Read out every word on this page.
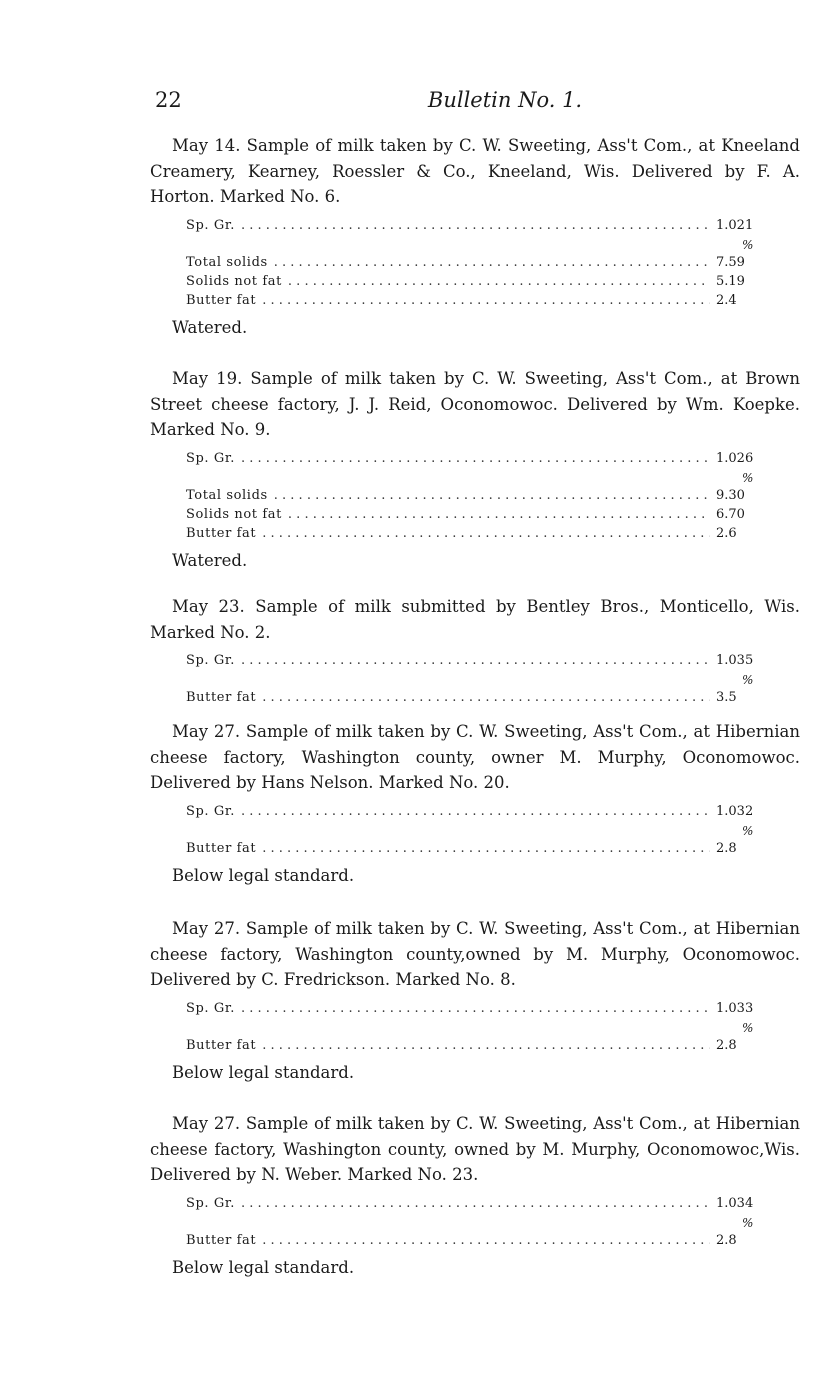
22	Bulletin No. 1.

May 14. Sample of milk taken by C. W. Sweeting, Ass't Com., at Kneeland Creamery, Kearney, Roessler & Co., Kneeland, Wis. Delivered by F. A. Horton. Marked No. 6.

Sp. Gr. . . .	1.021
%
Total solids . . .	7.59
Solids not fat . . .	5.19
Butter fat . . .	2.4
Watered.

May 19. Sample of milk taken by C. W. Sweeting, Ass't Com., at Brown Street cheese factory, J. J. Reid, Oconomowoc. Delivered by Wm. Koepke. Marked No. 9.

Sp. Gr. . . .	1.026
%
Total solids . . .	9.30
Solids not fat . . .	6.70
Butter fat . . .	2.6
Watered.

May 23. Sample of milk submitted by Bentley Bros., Monticello, Wis. Marked No. 2.

Sp. Gr. . . .	1.035
%
Butter fat . . .	3.5

May 27. Sample of milk taken by C. W. Sweeting, Ass't Com., at Hibernian cheese factory, Washington county, owner M. Murphy, Oconomowoc. Delivered by Hans Nelson. Marked No. 20.

Sp. Gr. . . .	1.032
%
Butter fat . . .	2.8
Below legal standard.

May 27. Sample of milk taken by C. W. Sweeting, Ass't Com., at Hibernian cheese factory, Washington county,owned by M. Murphy, Oconomowoc. Delivered by C. Fredrickson. Marked No. 8.

Sp. Gr. . . .	1.033
%
Butter fat . . .	2.8
Below legal standard.

May 27. Sample of milk taken by C. W. Sweeting, Ass't Com., at Hibernian cheese factory, Washington county, owned by M. Murphy, Oconomowoc,Wis. Delivered by N. Weber. Marked No. 23.

Sp. Gr. . . .	1.034
%
Butter fat . . .	2.8
Below legal standard.
